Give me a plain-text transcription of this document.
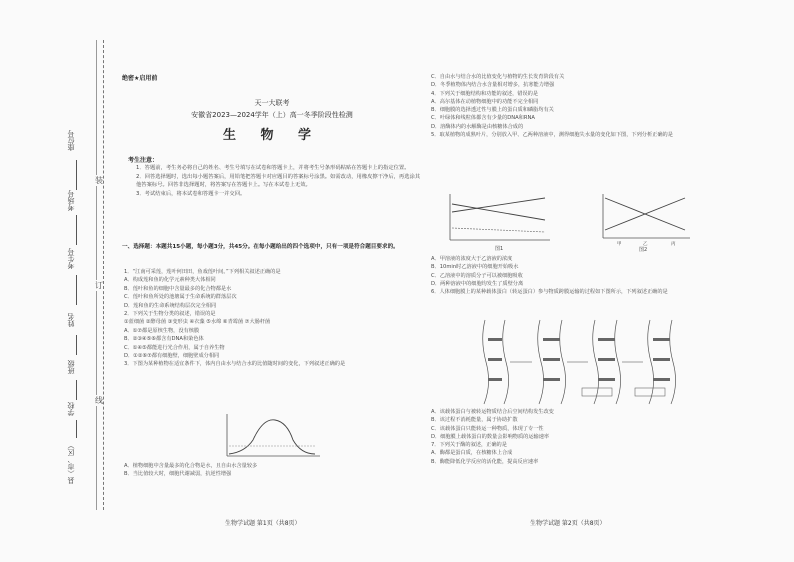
座位号
考场号
考生号
姓名
班级
学校
县（市、区）
装
订
线
绝密★启用前
天一大联考
安徽省2023—2024学年（上）高一冬季阶段性检测
生 物 学
考生注意：
1．答题前，考生务必将自己的姓名、考生号填写在试卷和答题卡上，并将考生号条形码粘贴在答题卡上的指定位置。
2．回答选择题时，选出每小题答案后，用铅笔把答题卡对应题目的答案标号涂黑。如需改动，用橡皮擦干净后，再选涂其他答案标号。回答非选择题时，将答案写在答题卡上。写在本试卷上无效。
3．考试结束后，将本试卷和答题卡一并交回。
一、选择题：本题共15小题，每小题3分，共45分。在每小题给出的四个选项中，只有一项是符合题目要求的。
1．“江南可采莲，莲叶何田田，鱼戏莲叶间。”下列相关叙述正确的是
A．构成莲和鱼的化学元素种类大体相同
B．莲叶和鱼的细胞中含量最多的化合物都是水
C．莲叶和鱼所处的池塘属于生命系统的群落层次
D．莲和鱼的生命系统结构层次完全相同
2．下列关于生物分类的叙述，错误的是
①蓝细菌 ②酵母菌 ③变形虫 ④衣藻 ⑤水绵 ⑥青霉菌 ⑦大肠杆菌
A．①⑦都是原核生物，没有核膜
B．②③④⑤⑥都含有DNA和染色体
C．①④⑤都能进行光合作用，属于自养生物
D．①②⑥⑦都有细胞壁，细胞壁成分相同
3．下图为某种植物在适宜条件下，体内自由水与结合水的比值随时间的变化，下列叙述正确的是
A．植物细胞中含量最多的化合物是水，且自由水含量较多
B．当比值较大时，细胞代谢减弱，抗逆性增强
生物学试题 第1页（共8页）
C．自由水与结合水的比值变化与植物的生长发育阶段有关
D．冬季植物体内结合水含量相对增多，抗寒能力增强
4．下列关于细胞结构和功能的叙述，错误的是
A．高尔基体在动植物细胞中的功能不完全相同
B．细胞膜的选择透过性与膜上的蛋白质和磷脂均有关
C．叶绿体和线粒体都含有少量的DNA和RNA
D．溶酶体内的水解酶是由核糖体合成的
5．取某植物的成熟叶片，分别放入甲、乙两种溶液中，测得细胞失水量的变化如下图，下列分析正确的是
图1
甲	乙	丙
图2
A．甲溶液的浓度大于乙溶液的浓度
B．10min时乙溶液中的细胞开始吸水
C．乙溶液中的溶质分子可以被细胞吸收
D．两种溶液中的细胞均发生了质壁分离
6．人体细胞膜上的某种载体蛋白（转运蛋白）参与物质跨膜运输的过程如下图所示，下列叙述正确的是
A．该载体蛋白与被转运物质结合后空间结构发生改变
B．该过程不消耗能量，属于协助扩散
C．该载体蛋白只能转运一种物质，体现了专一性
D．细胞膜上载体蛋白的数量会影响物质的运输速率
7．下列关于酶的叙述，正确的是
A．酶都是蛋白质，在核糖体上合成
B．酶能降低化学反应的活化能，提高反应速率
生物学试题 第2页（共8页）
